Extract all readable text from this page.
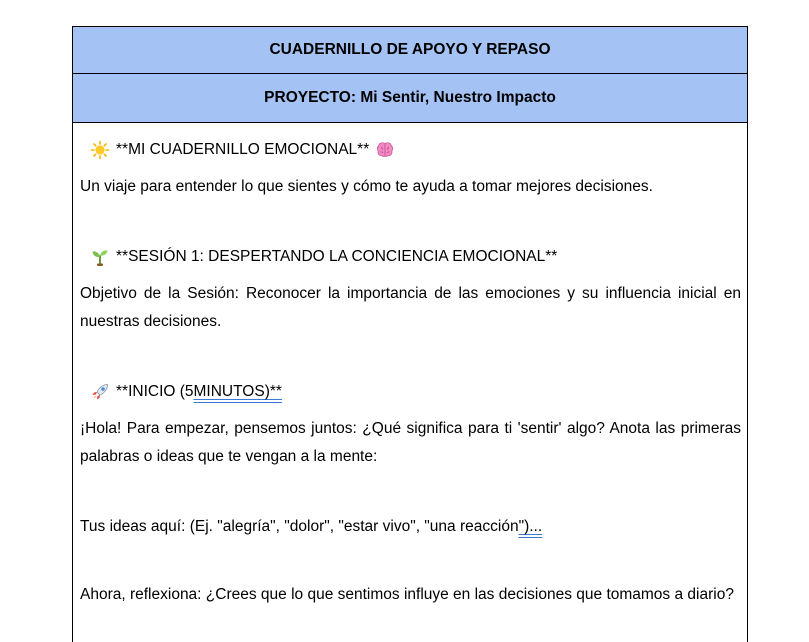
CUADERNILLO DE APOYO Y REPASO
PROYECTO: Mi Sentir, Nuestro Impacto
**MI CUADERNILLO EMOCIONAL**

Un viaje para entender lo que sientes y cómo te ayuda a tomar mejores decisiones.

**SESIÓN 1: DESPERTANDO LA CONCIENCIA EMOCIONAL**

Objetivo de la Sesión: Reconocer la importancia de las emociones y su influencia inicial en nuestras decisiones.

**INICIO (5 MINUTOS)**

¡Hola! Para empezar, pensemos juntos: ¿Qué significa para ti 'sentir' algo? Anota las primeras palabras o ideas que te vengan a la mente:

Tus ideas aquí: (Ej. "alegría", "dolor", "estar vivo", "una reacción")...

Ahora, reflexiona: ¿Crees que lo que sentimos influye en las decisiones que tomamos a diario?
